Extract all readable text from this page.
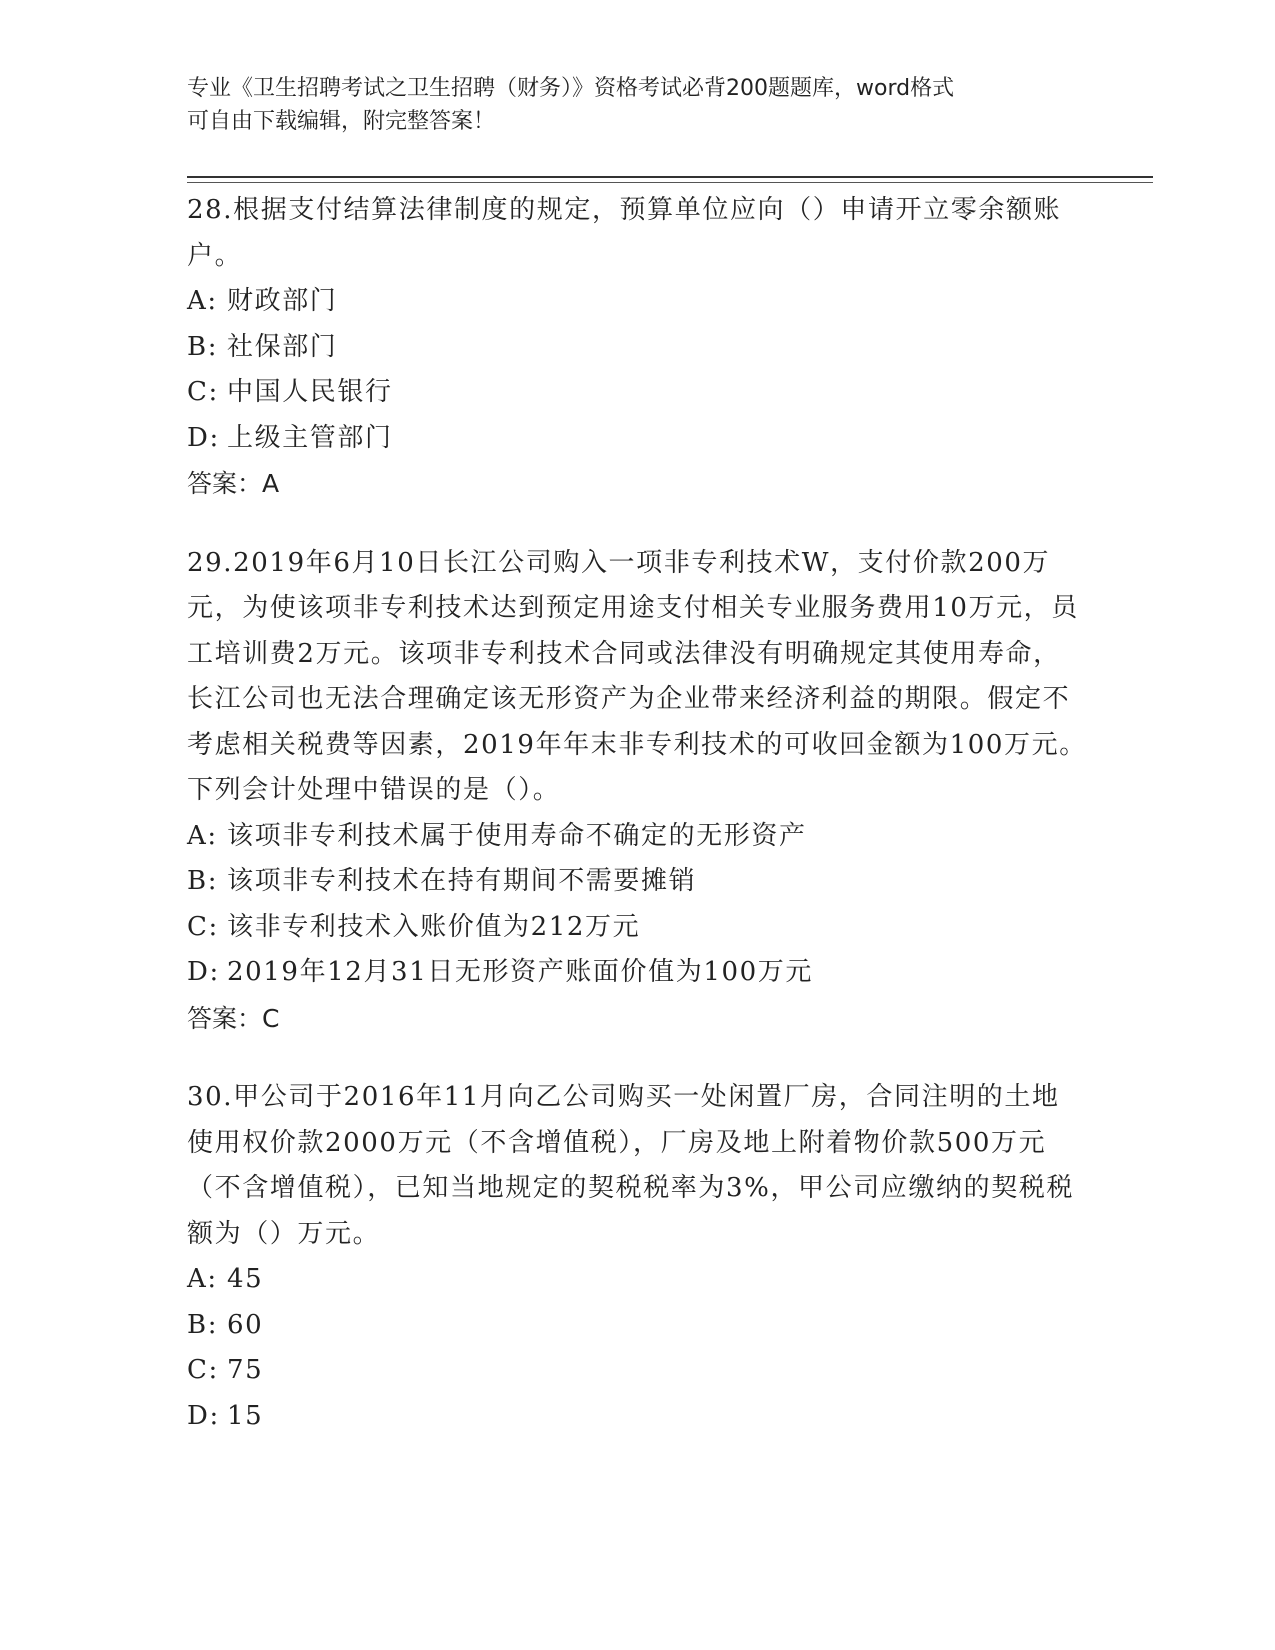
专业《卫生招聘考试之卫生招聘（财务）》资格考试必背200题题库，word格式
可自由下载编辑，附完整答案！

28.根据支付结算法律制度的规定，预算单位应向（）申请开立零余额账户。

A: 财政部门
B: 社保部门
C: 中国人民银行
D: 上级主管部门
答案：A

29.2019年6月10日长江公司购入一项非专利技术W，支付价款200万元，为使该项非专利技术达到预定用途支付相关专业服务费用10万元，员工培训费2万元。该项非专利技术合同或法律没有明确规定其使用寿命，长江公司也无法合理确定该无形资产为企业带来经济利益的期限。假定不考虑相关税费等因素，2019年年末非专利技术的可收回金额为100万元。下列会计处理中错误的是（）。

A: 该项非专利技术属于使用寿命不确定的无形资产
B: 该项非专利技术在持有期间不需要摊销
C: 该非专利技术入账价值为212万元
D: 2019年12月31日无形资产账面价值为100万元
答案：C

30.甲公司于2016年11月向乙公司购买一处闲置厂房，合同注明的土地使用权价款2000万元（不含增值税），厂房及地上附着物价款500万元（不含增值税），已知当地规定的契税税率为3%，甲公司应缴纳的契税税额为（）万元。

A: 45
B: 60
C: 75
D: 15
